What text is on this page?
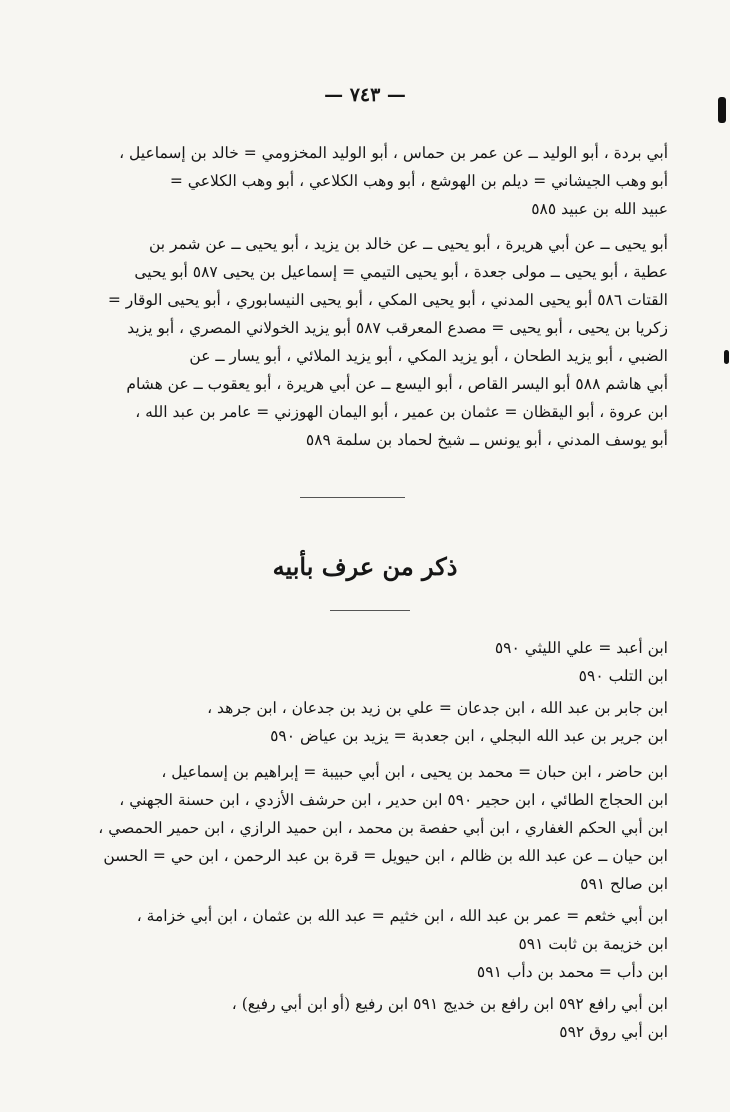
— ٧٤٣ —
أبي بردة ، أبو الوليد ــ عن عمر بن حماس ، أبو الوليد المخزومي = خالد بن إسماعيل ،
أبو وهب الجيشاني = ديلم بن الهوشع ، أبو وهب الكلاعي ، أبو وهب الكلاعي =
عبيد الله بن عبيد ٥٨٥
أبو يحيى ــ عن أبي هريرة ، أبو يحيى ــ عن خالد بن يزيد ، أبو يحيى ــ عن شمر بن
عطية ، أبو يحيى ــ مولى جعدة ، أبو يحيى التيمي = إسماعيل بن يحيى ٥٨٧ أبو يحيى
القتات ٥٨٦ أبو يحيى المدني ، أبو يحيى المكي ، أبو يحيى النيسابوري ، أبو يحيى الوقار =
زكريا بن يحيى ، أبو يحيى = مصدع المعرقب ٥٨٧ أبو يزيد الخولاني المصري ، أبو يزيد
الضبي ، أبو يزيد الطحان ، أبو يزيد المكي ، أبو يزيد الملائي ، أبو يسار ــ عن
أبي هاشم ٥٨٨ أبو اليسر القاص ، أبو اليسع ــ عن أبي هريرة ، أبو يعقوب ــ عن هشام
ابن عروة ، أبو اليقظان = عثمان بن عمير ، أبو اليمان الهوزني = عامر بن عبد الله ،
أبو يوسف المدني ، أبو يونس ــ شيخ لحماد بن سلمة ٥٨٩
ذكر من عرف بأبيه
ابن أعبد = علي الليثي ٥٩٠
ابن التلب ٥٩٠
ابن جابر بن عبد الله ، ابن جدعان = علي بن زيد بن جدعان ، ابن جرهد ،
ابن جرير بن عبد الله البجلي ، ابن جعدبة = يزيد بن عياض ٥٩٠
ابن حاضر ، ابن حبان = محمد بن يحيى ، ابن أبي حبيبة = إبراهيم بن إسماعيل ،
ابن الحجاج الطائي ، ابن حجير ٥٩٠ ابن حدير ، ابن حرشف الأزدي ، ابن حسنة الجهني ،
ابن أبي الحكم الغفاري ، ابن أبي حفصة بن محمد ، ابن حميد الرازي ، ابن حمير الحمصي ،
ابن حيان ــ عن عبد الله بن ظالم ، ابن حيويل = قرة بن عبد الرحمن ، ابن حي = الحسن
ابن صالح ٥٩١
ابن أبي خثعم = عمر بن عبد الله ، ابن خثيم = عبد الله بن عثمان ، ابن أبي خزامة ،
ابن خزيمة بن ثابت ٥٩١
ابن دأب = محمد بن دأب ٥٩١
ابن أبي رافع ٥٩٢ ابن رافع بن خديج ٥٩١ ابن رفيع (أو ابن أبي رفيع) ،
ابن أبي روق ٥٩٢
